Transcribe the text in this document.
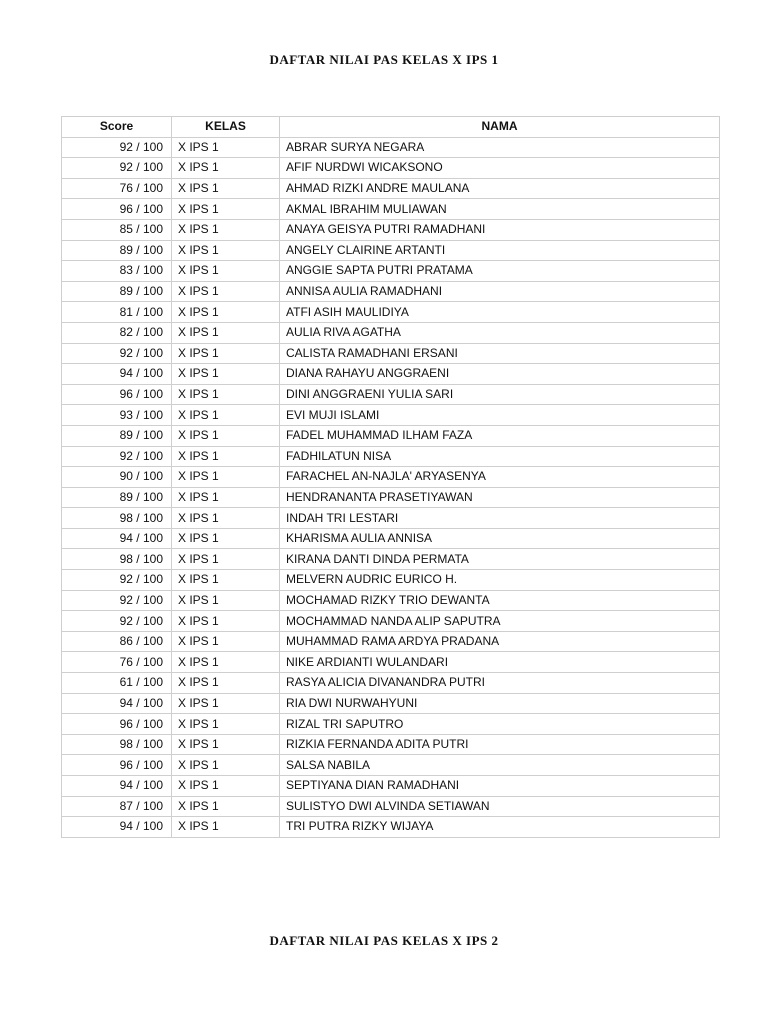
DAFTAR NILAI PAS KELAS X IPS 1
Score	KELAS	NAMA
92 / 100	X IPS 1	ABRAR SURYA NEGARA
92 / 100	X IPS 1	AFIF NURDWI WICAKSONO
76 / 100	X IPS 1	AHMAD RIZKI ANDRE MAULANA
96 / 100	X IPS 1	AKMAL IBRAHIM MULIAWAN
85 / 100	X IPS 1	ANAYA GEISYA PUTRI RAMADHANI
89 / 100	X IPS 1	ANGELY CLAIRINE ARTANTI
83 / 100	X IPS 1	ANGGIE SAPTA PUTRI PRATAMA
89 / 100	X IPS 1	ANNISA AULIA RAMADHANI
81 / 100	X IPS 1	ATFI ASIH MAULIDIYA
82 / 100	X IPS 1	AULIA RIVA AGATHA
92 / 100	X IPS 1	CALISTA RAMADHANI ERSANI
94 / 100	X IPS 1	DIANA RAHAYU ANGGRAENI
96 / 100	X IPS 1	DINI ANGGRAENI YULIA SARI
93 / 100	X IPS 1	EVI MUJI ISLAMI
89 / 100	X IPS 1	FADEL MUHAMMAD ILHAM FAZA
92 / 100	X IPS 1	FADHILATUN NISA
90 / 100	X IPS 1	FARACHEL AN-NAJLA' ARYASENYA
89 / 100	X IPS 1	HENDRANANTA PRASETIYAWAN
98 / 100	X IPS 1	INDAH TRI LESTARI
94 / 100	X IPS 1	KHARISMA AULIA ANNISA
98 / 100	X IPS 1	KIRANA DANTI DINDA PERMATA
92 / 100	X IPS 1	MELVERN AUDRIC EURICO H.
92 / 100	X IPS 1	MOCHAMAD RIZKY TRIO DEWANTA
92 / 100	X IPS 1	MOCHAMMAD NANDA ALIP SAPUTRA
86 / 100	X IPS 1	MUHAMMAD RAMA ARDYA PRADANA
76 / 100	X IPS 1	NIKE ARDIANTI WULANDARI
61 / 100	X IPS 1	RASYA ALICIA DIVANANDRA PUTRI
94 / 100	X IPS 1	RIA DWI NURWAHYUNI
96 / 100	X IPS 1	RIZAL TRI SAPUTRO
98 / 100	X IPS 1	RIZKIA FERNANDA ADITA PUTRI
96 / 100	X IPS 1	SALSA NABILA
94 / 100	X IPS 1	SEPTIYANA DIAN RAMADHANI
87 / 100	X IPS 1	SULISTYO DWI ALVINDA SETIAWAN
94 / 100	X IPS 1	TRI PUTRA RIZKY WIJAYA
DAFTAR NILAI PAS KELAS X IPS 2
